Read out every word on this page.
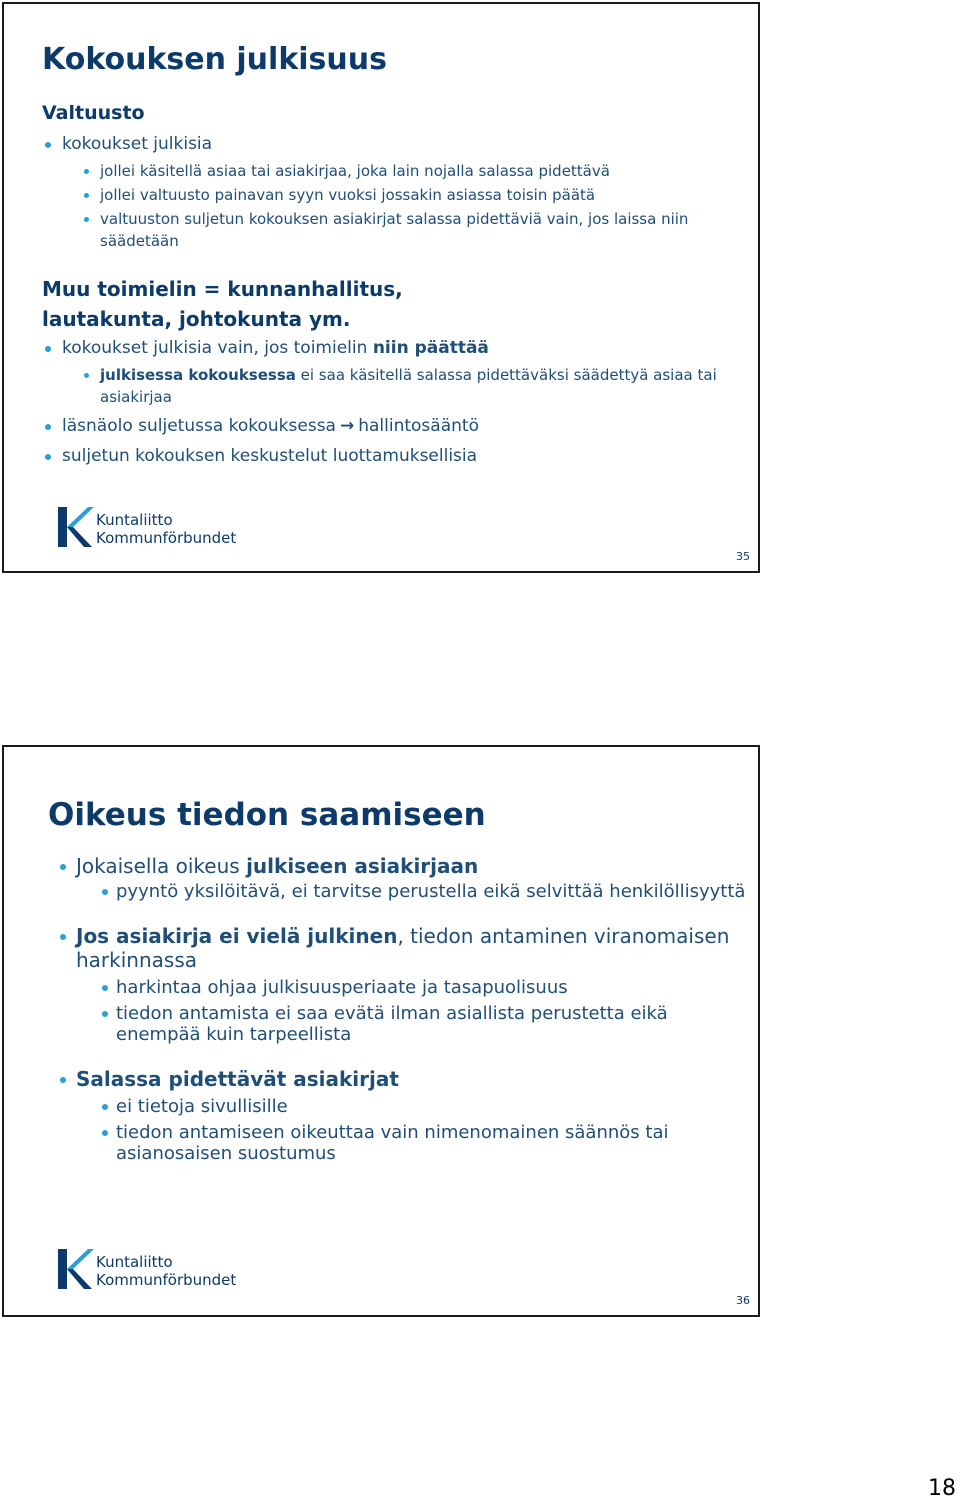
Kokouksen julkisuus
Valtuusto
kokoukset julkisia
jollei käsitellä asiaa tai asiakirjaa, joka lain nojalla salassa pidettävä
jollei valtuusto painavan syyn vuoksi jossakin asiassa toisin päätä
valtuuston suljetun kokouksen asiakirjat salassa pidettäviä vain, jos laissa niin säädetään
Muu toimielin = kunnanhallitus, lautakunta, johtokunta ym.
kokoukset julkisia vain, jos toimielin niin päättää
julkisessa kokouksessa ei saa käsitellä salassa pidettäväksi säädettyä asiaa tai asiakirjaa
läsnäolo suljetussa kokouksessa → hallintosääntö
suljetun kokouksen keskustelut luottamuksellisia
Kuntaliitto
Kommunförbundet
35
Oikeus tiedon saamiseen
Jokaisella oikeus julkiseen asiakirjaan
pyyntö yksilöitävä, ei tarvitse perustella eikä selvittää henkilöllisyyttä
Jos asiakirja ei vielä julkinen, tiedon antaminen viranomaisen harkinnassa
harkintaa ohjaa julkisuusperiaate ja tasapuolisuus
tiedon antamista ei saa evätä ilman asiallista perustetta eikä enempää kuin tarpeellista
Salassa pidettävät asiakirjat
ei tietoja sivullisille
tiedon antamiseen oikeuttaa vain nimenomainen säännös tai asianosaisen suostumus
Kuntaliitto
Kommunförbundet
36
18
